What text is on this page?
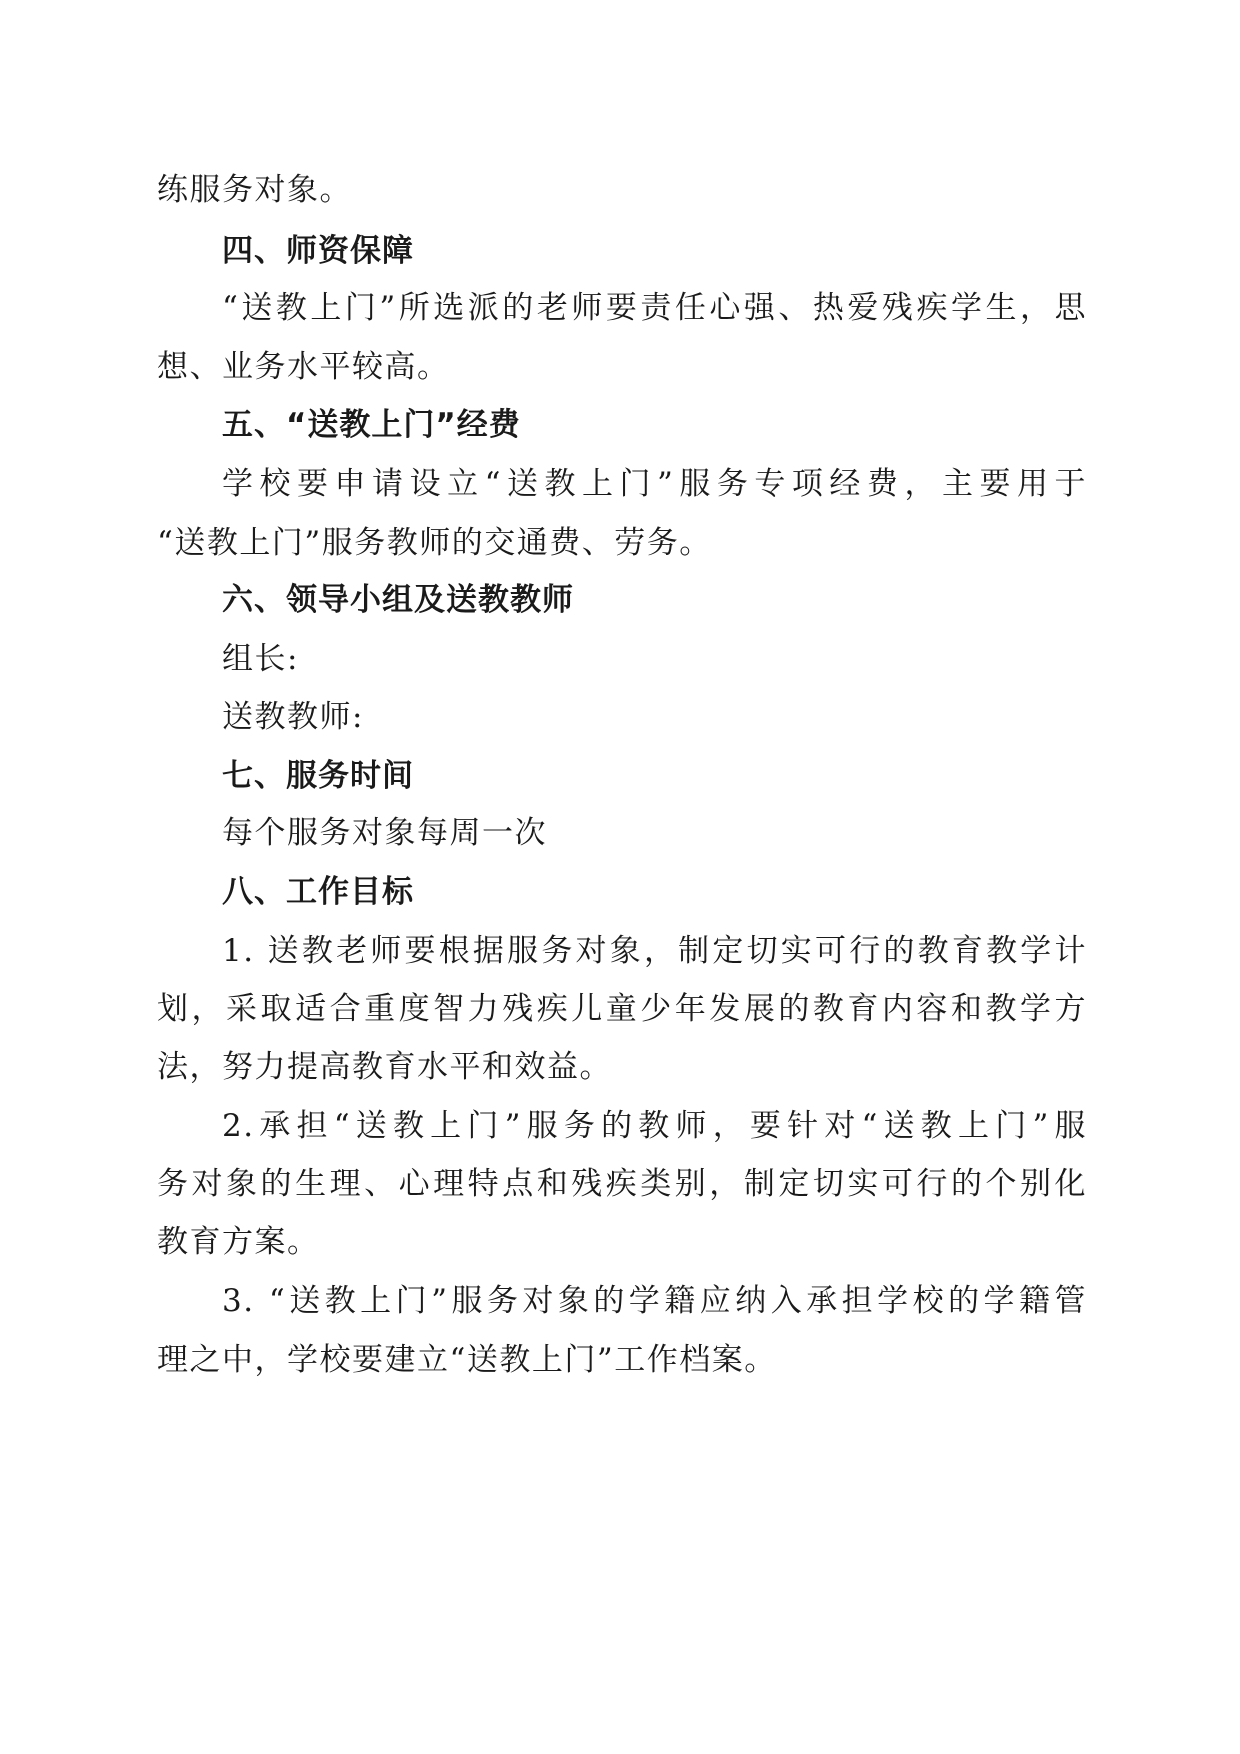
练服务对象。
四、师资保障
“送教上门”所选派的老师要责任心强、热爱残疾学生，思
想、业务水平较高。
五、“送教上门”经费
学校要申请设立“送教上门”服务专项经费，主要用于
“送教上门”服务教师的交通费、劳务。
六、领导小组及送教教师
组长:
送教教师:
七、服务时间
每个服务对象每周一次
八、工作目标
1. 送教老师要根据服务对象，制定切实可行的教育教学计
划，采取适合重度智力残疾儿童少年发展的教育内容和教学方
法，努力提高教育水平和效益。
2.承担“送教上门”服务的教师，要针对“送教上门”服
务对象的生理、心理特点和残疾类别，制定切实可行的个别化
教育方案。
3. “送教上门”服务对象的学籍应纳入承担学校的学籍管
理之中，学校要建立“送教上门”工作档案。
